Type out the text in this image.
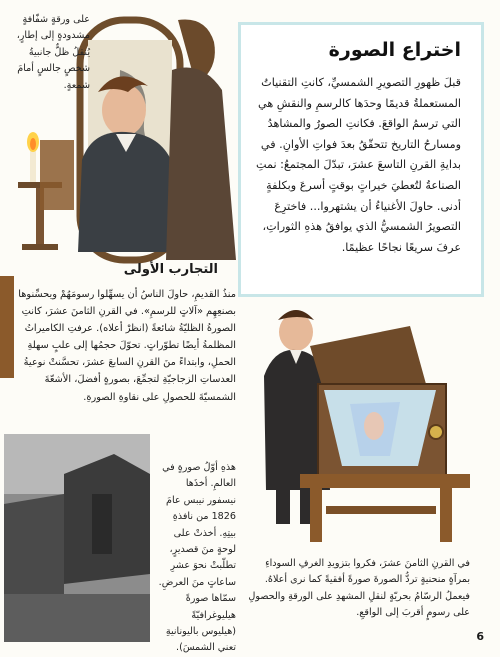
على ورقةٍ شفّافةٍ مشدودةٍ إلى إطارٍ، يُنقلُ ظلٌّ جانبيةُ شخصٍ جالسٍ أمامَ شمعةٍ.

اختراع الصورة

قبلَ ظهورِ التصويرِ الشمسيِّ، كانتِ التقنياتُ المستعملةُ قديمًا وحدَها كالرسمِ والنقشِ هي التي ترسمُ الواقعَ. فكانتِ الصورُ والمشاهدُ ومسارحُ التاريخ تتحقّقُ بعدَ فواتِ الأوانِ. في بدايةِ القرنِ التاسعَ عشرَ، تبدّلَ المجتمعُ: نمتِ الصناعةُ لتُعطيَ خيراتٍ بوقتٍ أسرعَ وبكلفةٍ أدنى. حاولَ الأغنياءُ أن يشتهروا... فاخترِعَ التصويرُ الشمسيُّ الذي يوافقُ هذهِ الثوراتِ، عرفَ سريعًا نجاحًا عظيمًا.

التجارب الأولى

منذُ القديمِ، حاولَ الناسُ أن يسهِّلوا رسومَهُمْ ويحسِّنوها بصنعِهِم «آلاتٍ للرسمِ». في القرنِ الثامنَ عشرَ، كانتِ الصورةُ الظليّةُ شائعةً (انظرْ أعلاه). عرفتِ الكاميراتُ المظلمةُ أيضًا تطوّراتٍ. تحوّلَ حجمُها إلى علبٍ سهلةِ الحملِ، وابتداءً منَ القرنِ السابعَ عشرَ، تحسَّنتْ نوعيةُ العدساتِ الزجاجيّةِ لتجمِّعَ، بصورةٍ أفضلَ، الأشعّةَ الشمسيّةَ للحصولِ على نقاوةِ الصورةِ.

هذهِ أوّلُ صورةٍ في العالمِ. أخذَها نيسفور نيبس عامَ 1826 من نافذةِ بيتِهِ. أخذتْ على لوحةٍ منَ قصديرٍ، تطلّبتْ نحوَ عشرِ ساعاتٍ منَ العرضِ. سمّاها صورةً هيليوغرافيّةً (هيليوس باليونانيةِ تعني الشمسَ).

في القرنِ الثامنَ عشرَ، فكروا بتزويدِ الغرفِ السوداءِ بمرآةٍ منحنيةٍ تردُّ الصورةَ صورةً أفقيةً كما نرى أعلاهُ. فيعملُ الرسّامُ بحريّةٍ لنقلِ المشهدِ على الورقةِ والحصولِ على رسومٍ أقربَ إلى الواقعِ.

6
